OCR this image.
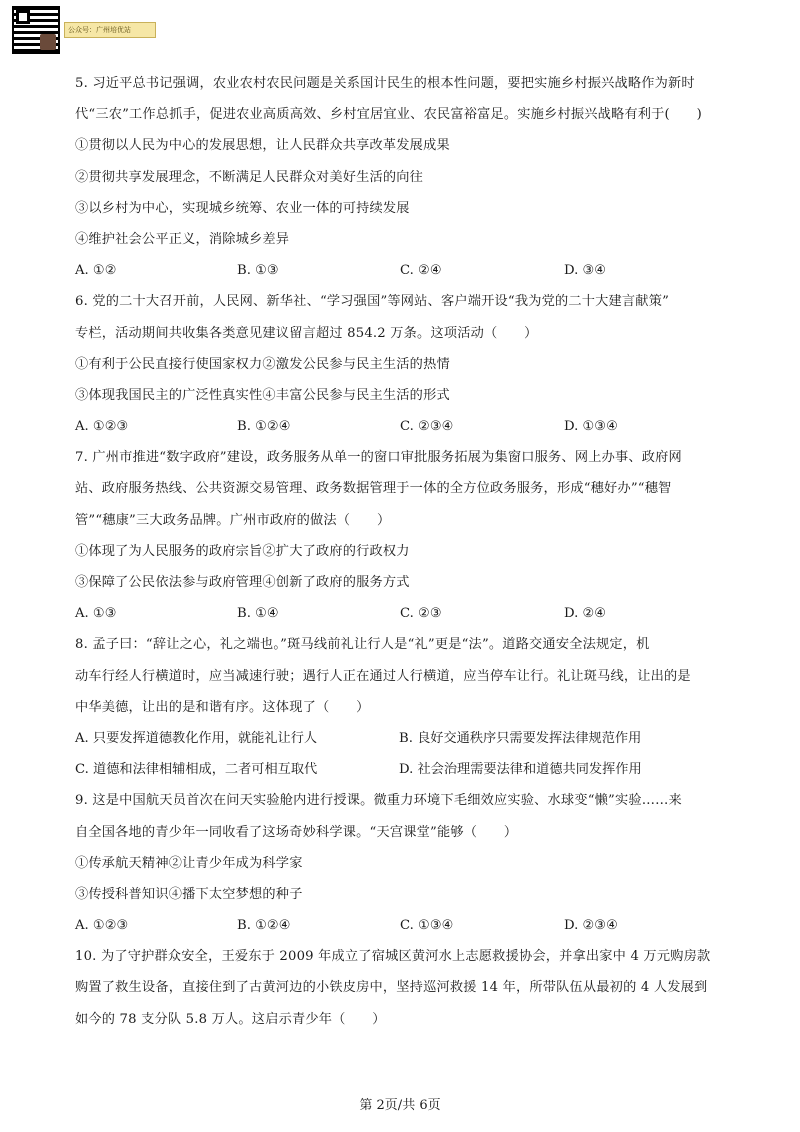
公众号：广州培优站
5. 习近平总书记强调，农业农村农民问题是关系国计民生的根本性问题，要把实施乡村振兴战略作为新时
代“三农”工作总抓手，促进农业高质高效、乡村宜居宜业、农民富裕富足。实施乡村振兴战略有利于(　　)
①贯彻以人民为中心的发展思想，让人民群众共享改革发展成果
②贯彻共享发展理念，不断满足人民群众对美好生活的向往
③以乡村为中心，实现城乡统筹、农业一体的可持续发展
④维护社会公平正义，消除城乡差异
A. ①②	B. ①③	C. ②④	D. ③④
6. 党的二十大召开前，人民网、新华社、“学习强国”等网站、客户端开设“我为党的二十大建言献策”
专栏，活动期间共收集各类意见建议留言超过 854.2 万条。这项活动（　　）
①有利于公民直接行使国家权力②激发公民参与民主生活的热情
③体现我国民主的广泛性真实性④丰富公民参与民主生活的形式
A. ①②③	B. ①②④	C. ②③④	D. ①③④
7. 广州市推进“数字政府”建设，政务服务从单一的窗口审批服务拓展为集窗口服务、网上办事、政府网
站、政府服务热线、公共资源交易管理、政务数据管理于一体的全方位政务服务，形成“穗好办”“穗智
管”“穗康”三大政务品牌。广州市政府的做法（　　）
①体现了为人民服务的政府宗旨②扩大了政府的行政权力
③保障了公民依法参与政府管理④创新了政府的服务方式
A. ①③	B. ①④	C. ②③	D. ②④
8. 孟子曰：“辞让之心，礼之端也。”斑马线前礼让行人是“礼”更是“法”。道路交通安全法规定，机
动车行经人行横道时，应当减速行驶；遇行人正在通过人行横道，应当停车让行。礼让斑马线，让出的是
中华美德，让出的是和谐有序。这体现了（　　）
A. 只要发挥道德教化作用，就能礼让行人	B. 良好交通秩序只需要发挥法律规范作用
C. 道德和法律相辅相成，二者可相互取代	D. 社会治理需要法律和道德共同发挥作用
9. 这是中国航天员首次在问天实验舱内进行授课。微重力环境下毛细效应实验、水球变“懒”实验……来
自全国各地的青少年一同收看了这场奇妙科学课。“天宫课堂”能够（　　）
①传承航天精神②让青少年成为科学家
③传授科普知识④播下太空梦想的种子
A. ①②③	B. ①②④	C. ①③④	D. ②③④
10. 为了守护群众安全，王爱东于 2009 年成立了宿城区黄河水上志愿救援协会，并拿出家中 4 万元购房款
购置了救生设备，直接住到了古黄河边的小铁皮房中，坚持巡河救援 14 年，所带队伍从最初的 4 人发展到
如今的 78 支分队 5.8 万人。这启示青少年（　　）
第 2页/共 6页
